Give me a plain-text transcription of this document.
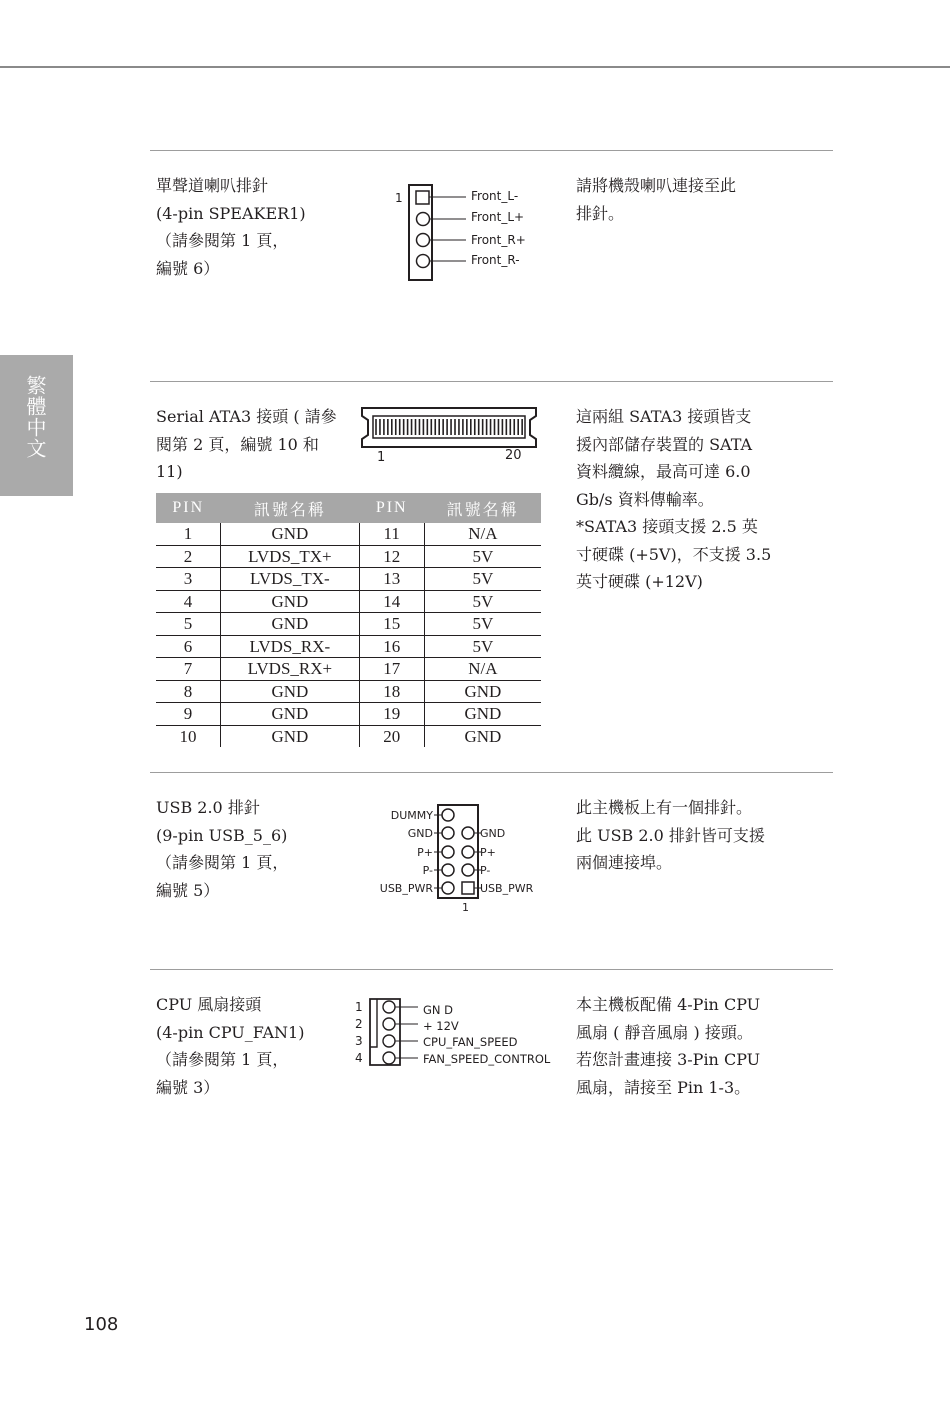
繁體中文
單聲道喇叭排針
(4-pin SPEAKER1)
（請參閱第 1 頁，
編號 6）
1	Front_L-
Front_L+
Front_R+
Front_R-
請將機殼喇叭連接至此
排針。
Serial ATA3 接頭 ( 請參
閱第 2 頁，編號 10 和
11)
1	20
PIN	訊號名稱	PIN	訊號名稱
1	GND	11	N/A
2	LVDS_TX+	12	5V
3	LVDS_TX-	13	5V
4	GND	14	5V
5	GND	15	5V
6	LVDS_RX-	16	5V
7	LVDS_RX+	17	N/A
8	GND	18	GND
9	GND	19	GND
10	GND	20	GND
這兩組 SATA3 接頭皆支
援內部儲存裝置的 SATA
資料纜線，最高可達 6.0
Gb/s 資料傳輸率。
*SATA3 接頭支援 2.5 英
寸硬碟 (+5V)，不支援 3.5
英寸硬碟 (+12V)
USB 2.0 排針
(9-pin USB_5_6)
（請參閱第 1 頁，
編號 5）
DUMMY
GND
P+
P-
USB_PWR
GND
P+
P-
USB_PWR
1
此主機板上有一個排針。
此 USB 2.0 排針皆可支援
兩個連接埠。
CPU 風扇接頭
(4-pin CPU_FAN1)
（請參閱第 1 頁，
編號 3）
1
2
3
4
GN D
+ 12V
CPU_FAN_SPEED
FAN_SPEED_CONTROL
本主機板配備 4-Pin CPU
風扇 ( 靜音風扇 ) 接頭。
若您計畫連接 3-Pin CPU
風扇，請接至 Pin 1-3。
108
